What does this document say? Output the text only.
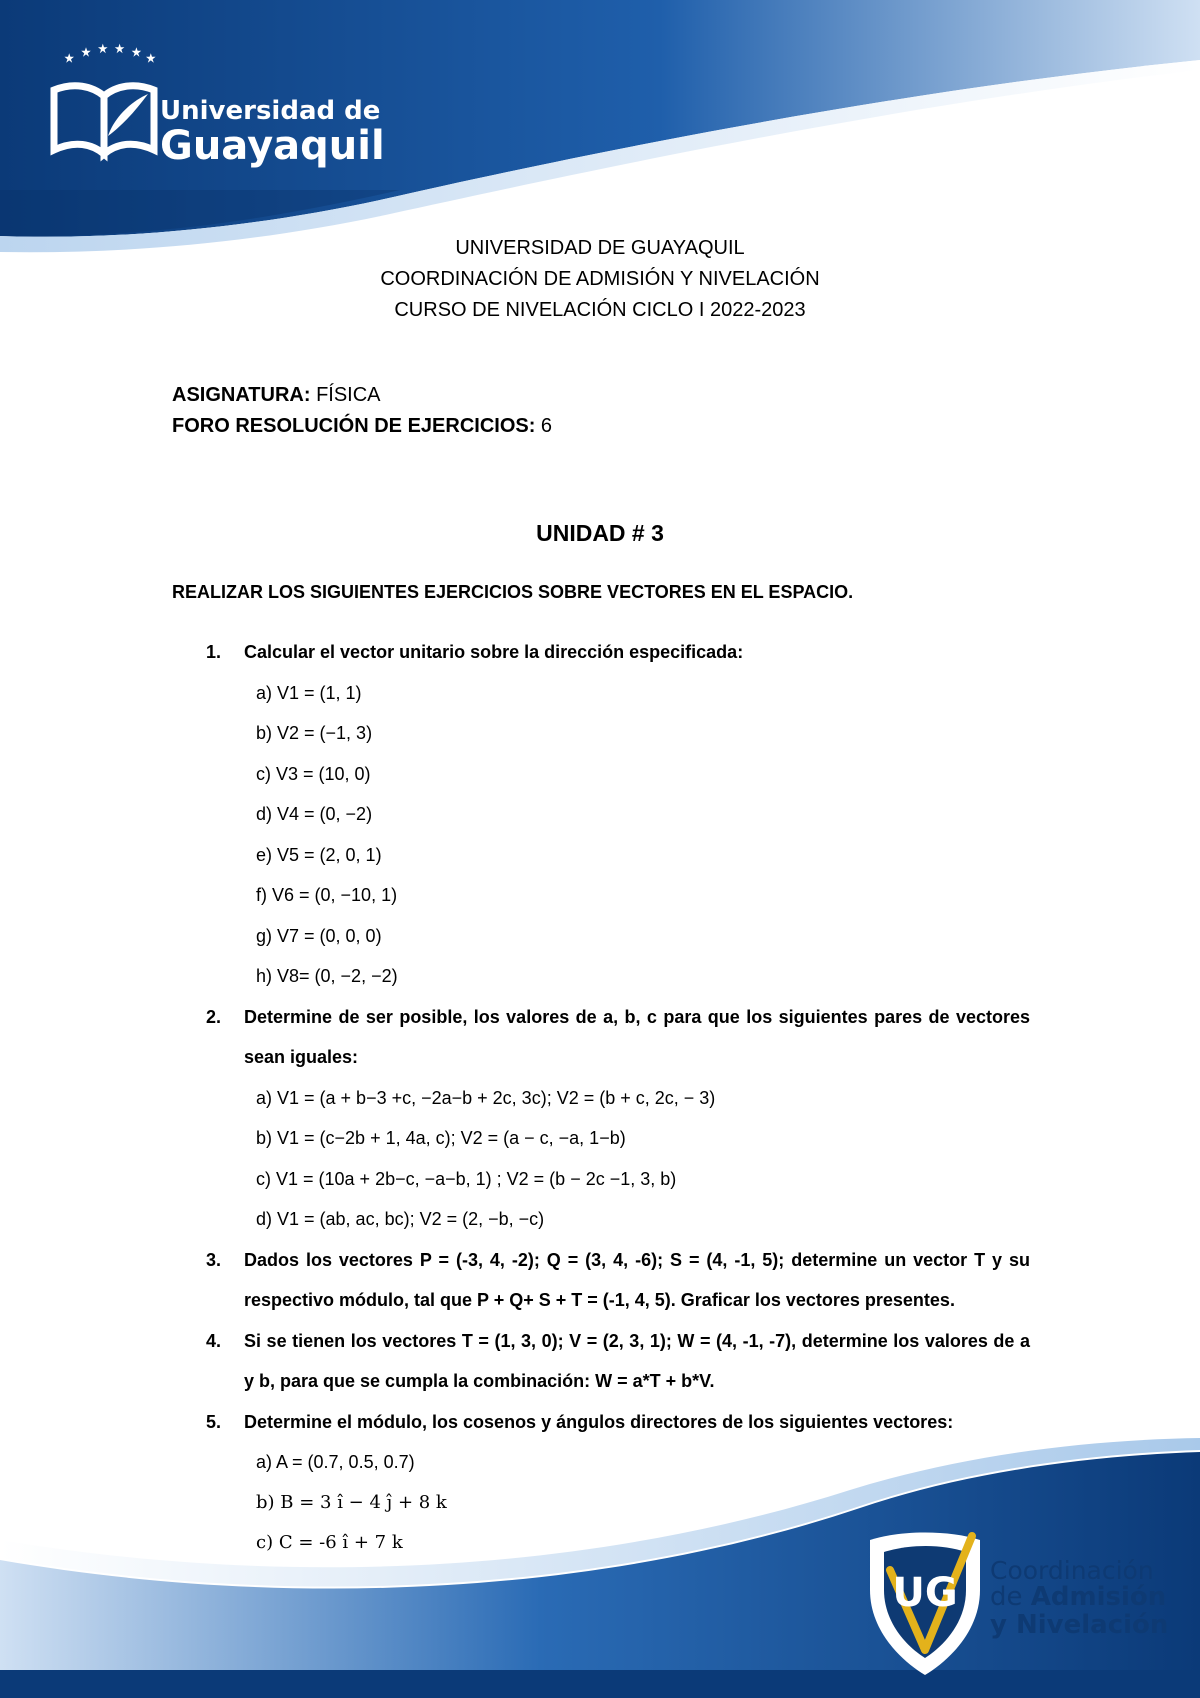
Universidad de
Guayaquil
UNIVERSIDAD DE GUAYAQUIL
COORDINACIÓN DE ADMISIÓN Y NIVELACIÓN
CURSO DE NIVELACIÓN CICLO I 2022-2023
ASIGNATURA: FÍSICA
FORO RESOLUCIÓN DE EJERCICIOS: 6
UNIDAD # 3
REALIZAR LOS SIGUIENTES EJERCICIOS SOBRE VECTORES EN EL ESPACIO.
1. Calcular el vector unitario sobre la dirección especificada:
a) V1 = (1, 1)
b) V2 = (−1, 3)
c) V3 = (10, 0)
d) V4 = (0, −2)
e) V5 = (2, 0, 1)
f) V6 = (0, −10, 1)
g) V7 = (0, 0, 0)
h) V8= (0, −2, −2)
2. Determine de ser posible, los valores de a, b, c para que los siguientes pares de vectores sean iguales:
a) V1 = (a + b−3 +c, −2a−b + 2c, 3c); V2 = (b + c, 2c, − 3)
b) V1 = (c−2b + 1, 4a, c); V2 = (a − c, −a, 1−b)
c) V1 = (10a + 2b−c, −a−b, 1) ; V2 = (b − 2c −1, 3, b)
d) V1 = (ab, ac, bc); V2 = (2, −b, −c)
3. Dados los vectores P = (-3, 4, -2); Q = (3, 4, -6); S = (4, -1, 5); determine un vector T y su respectivo módulo, tal que P + Q+ S + T = (-1, 4, 5). Graficar los vectores presentes.
4. Si se tienen los vectores T = (1, 3, 0); V = (2, 3, 1); W = (4, -1, -7), determine los valores de a y b, para que se cumpla la combinación: W = a*T + b*V.
5. Determine el módulo, los cosenos y ángulos directores de los siguientes vectores:
a) A = (0.7, 0.5, 0.7)
b) B = 3 î − 4 ĵ + 8 k
c) C = -6 î + 7 k
UG Coordinación
de Admisión
y Nivelación
